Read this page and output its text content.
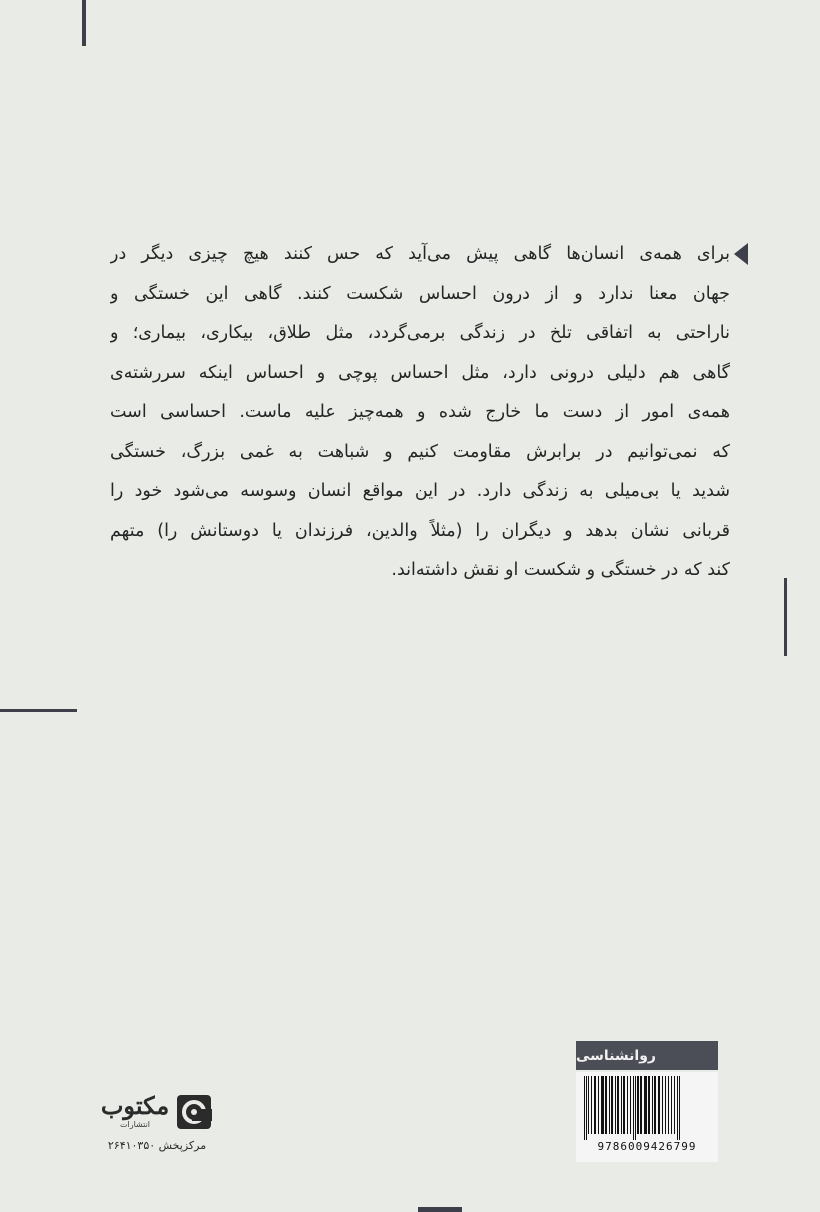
برای همه‌ی انسان‌ها گاهی پیش می‌آید که حس کنند هیچ چیزی دیگر در
جهان معنا ندارد و از درون احساس شکست کنند. گاهی این خستگی و
ناراحتی به اتفاقی تلخ در زندگی برمی‌گردد، مثل طلاق، بیکاری، بیماری؛ و
گاهی هم دلیلی درونی دارد، مثل احساس پوچی و احساس اینکه سررشته‌ی
همه‌ی امور از دست ما خارج شده و همه‌چیز علیه ماست. احساسی است
که نمی‌توانیم در برابرش مقاومت کنیم و شباهت به غمی بزرگ، خستگی
شدید یا بی‌میلی به زندگی دارد. در این مواقع انسان وسوسه می‌شود خود را
قربانی نشان بدهد و دیگران را (مثلاً والدین، فرزندان یا دوستانش را) متهم
کند که در خستگی و شکست او نقش داشته‌اند.
روانشناسی
9786009426799
مکتوب
انتشارات
مرکزپخش ۲۶۴۱۰۳۵۰
